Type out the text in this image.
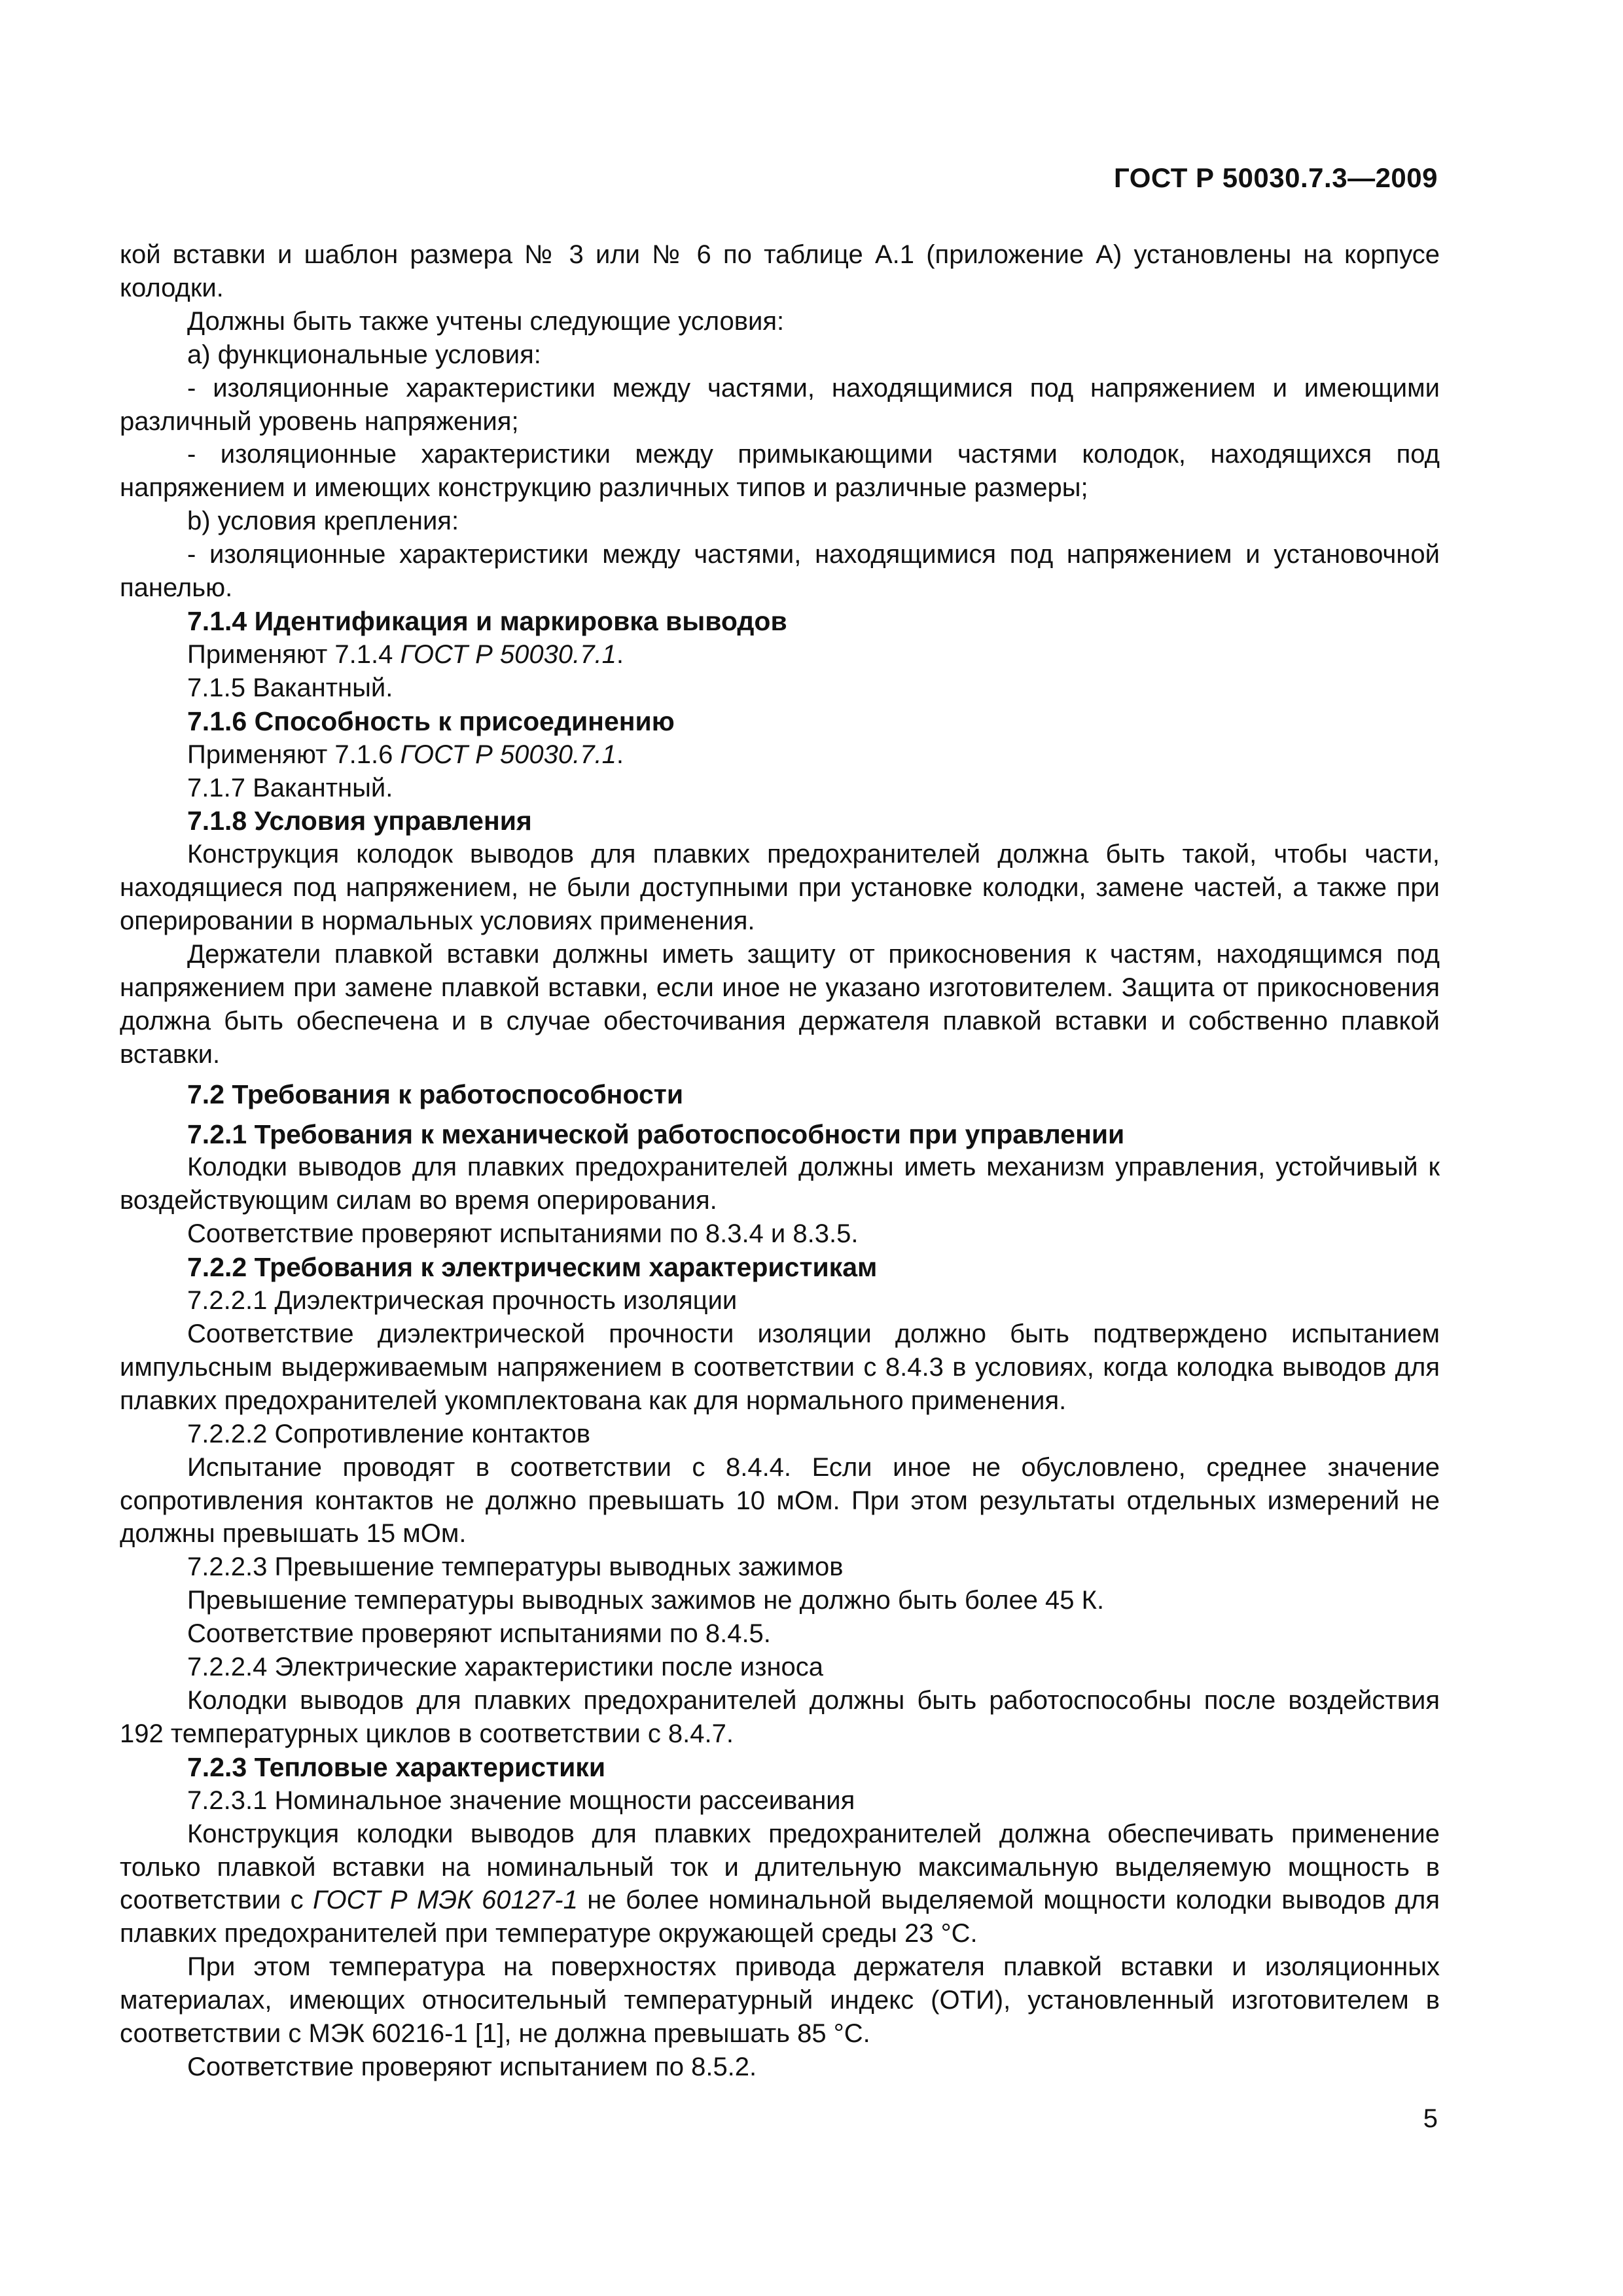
ГОСТ Р 50030.7.3—2009

кой вставки и шаблон размера № 3 или № 6 по таблице А.1 (приложение А) установлены на корпусе колодки.

Должны быть также учтены следующие условия:

а) функциональные условия:

- изоляционные характеристики между частями, находящимися под напряжением и имеющими различный уровень напряжения;

- изоляционные характеристики между примыкающими частями колодок, находящихся под напряжением и имеющих конструкцию различных типов и различные размеры;

b) условия крепления:

- изоляционные характеристики между частями, находящимися под напряжением и установочной панелью.

7.1.4 Идентификация и маркировка выводов

Применяют 7.1.4 ГОСТ Р 50030.7.1.

7.1.5 Вакантный.

7.1.6 Способность к присоединению

Применяют 7.1.6 ГОСТ Р 50030.7.1.

7.1.7 Вакантный.

7.1.8 Условия управления

Конструкция колодок выводов для плавких предохранителей должна быть такой, чтобы части, находящиеся под напряжением, не были доступными при установке колодки, замене частей, а также при оперировании в нормальных условиях применения.

Держатели плавкой вставки должны иметь защиту от прикосновения к частям, находящимся под напряжением при замене плавкой вставки, если иное не указано изготовителем. Защита от прикосновения должна быть обеспечена и в случае обесточивания держателя плавкой вставки и собственно плавкой вставки.

7.2 Требования к работоспособности

7.2.1 Требования к механической работоспособности при управлении

Колодки выводов для плавких предохранителей должны иметь механизм управления, устойчивый к воздействующим силам во время оперирования.

Соответствие проверяют испытаниями по 8.3.4 и 8.3.5.

7.2.2 Требования к электрическим характеристикам

7.2.2.1 Диэлектрическая прочность изоляции

Соответствие диэлектрической прочности изоляции должно быть подтверждено испытанием импульсным выдерживаемым напряжением в соответствии с 8.4.3 в условиях, когда колодка выводов для плавких предохранителей укомплектована как для нормального применения.

7.2.2.2 Сопротивление контактов

Испытание проводят в соответствии с 8.4.4. Если иное не обусловлено, среднее значение сопротивления контактов не должно превышать 10 мОм. При этом результаты отдельных измерений не должны превышать 15 мОм.

7.2.2.3 Превышение температуры выводных зажимов

Превышение температуры выводных зажимов не должно быть более 45 К.

Соответствие проверяют испытаниями по 8.4.5.

7.2.2.4 Электрические характеристики после износа

Колодки выводов для плавких предохранителей должны быть работоспособны после воздействия 192 температурных циклов в соответствии с 8.4.7.

7.2.3 Тепловые характеристики

7.2.3.1 Номинальное значение мощности рассеивания

Конструкция колодки выводов для плавких предохранителей должна обеспечивать применение только плавкой вставки на номинальный ток и длительную максимальную выделяемую мощность в соответствии с ГОСТ Р МЭК 60127-1 не более номинальной выделяемой мощности колодки выводов для плавких предохранителей при температуре окружающей среды 23 °С.

При этом температура на поверхностях привода держателя плавкой вставки и изоляционных материалах, имеющих относительный температурный индекс (ОТИ), установленный изготовителем в соответствии с МЭК 60216-1 [1], не должна превышать 85 °С.

Соответствие проверяют испытанием по 8.5.2.

5
